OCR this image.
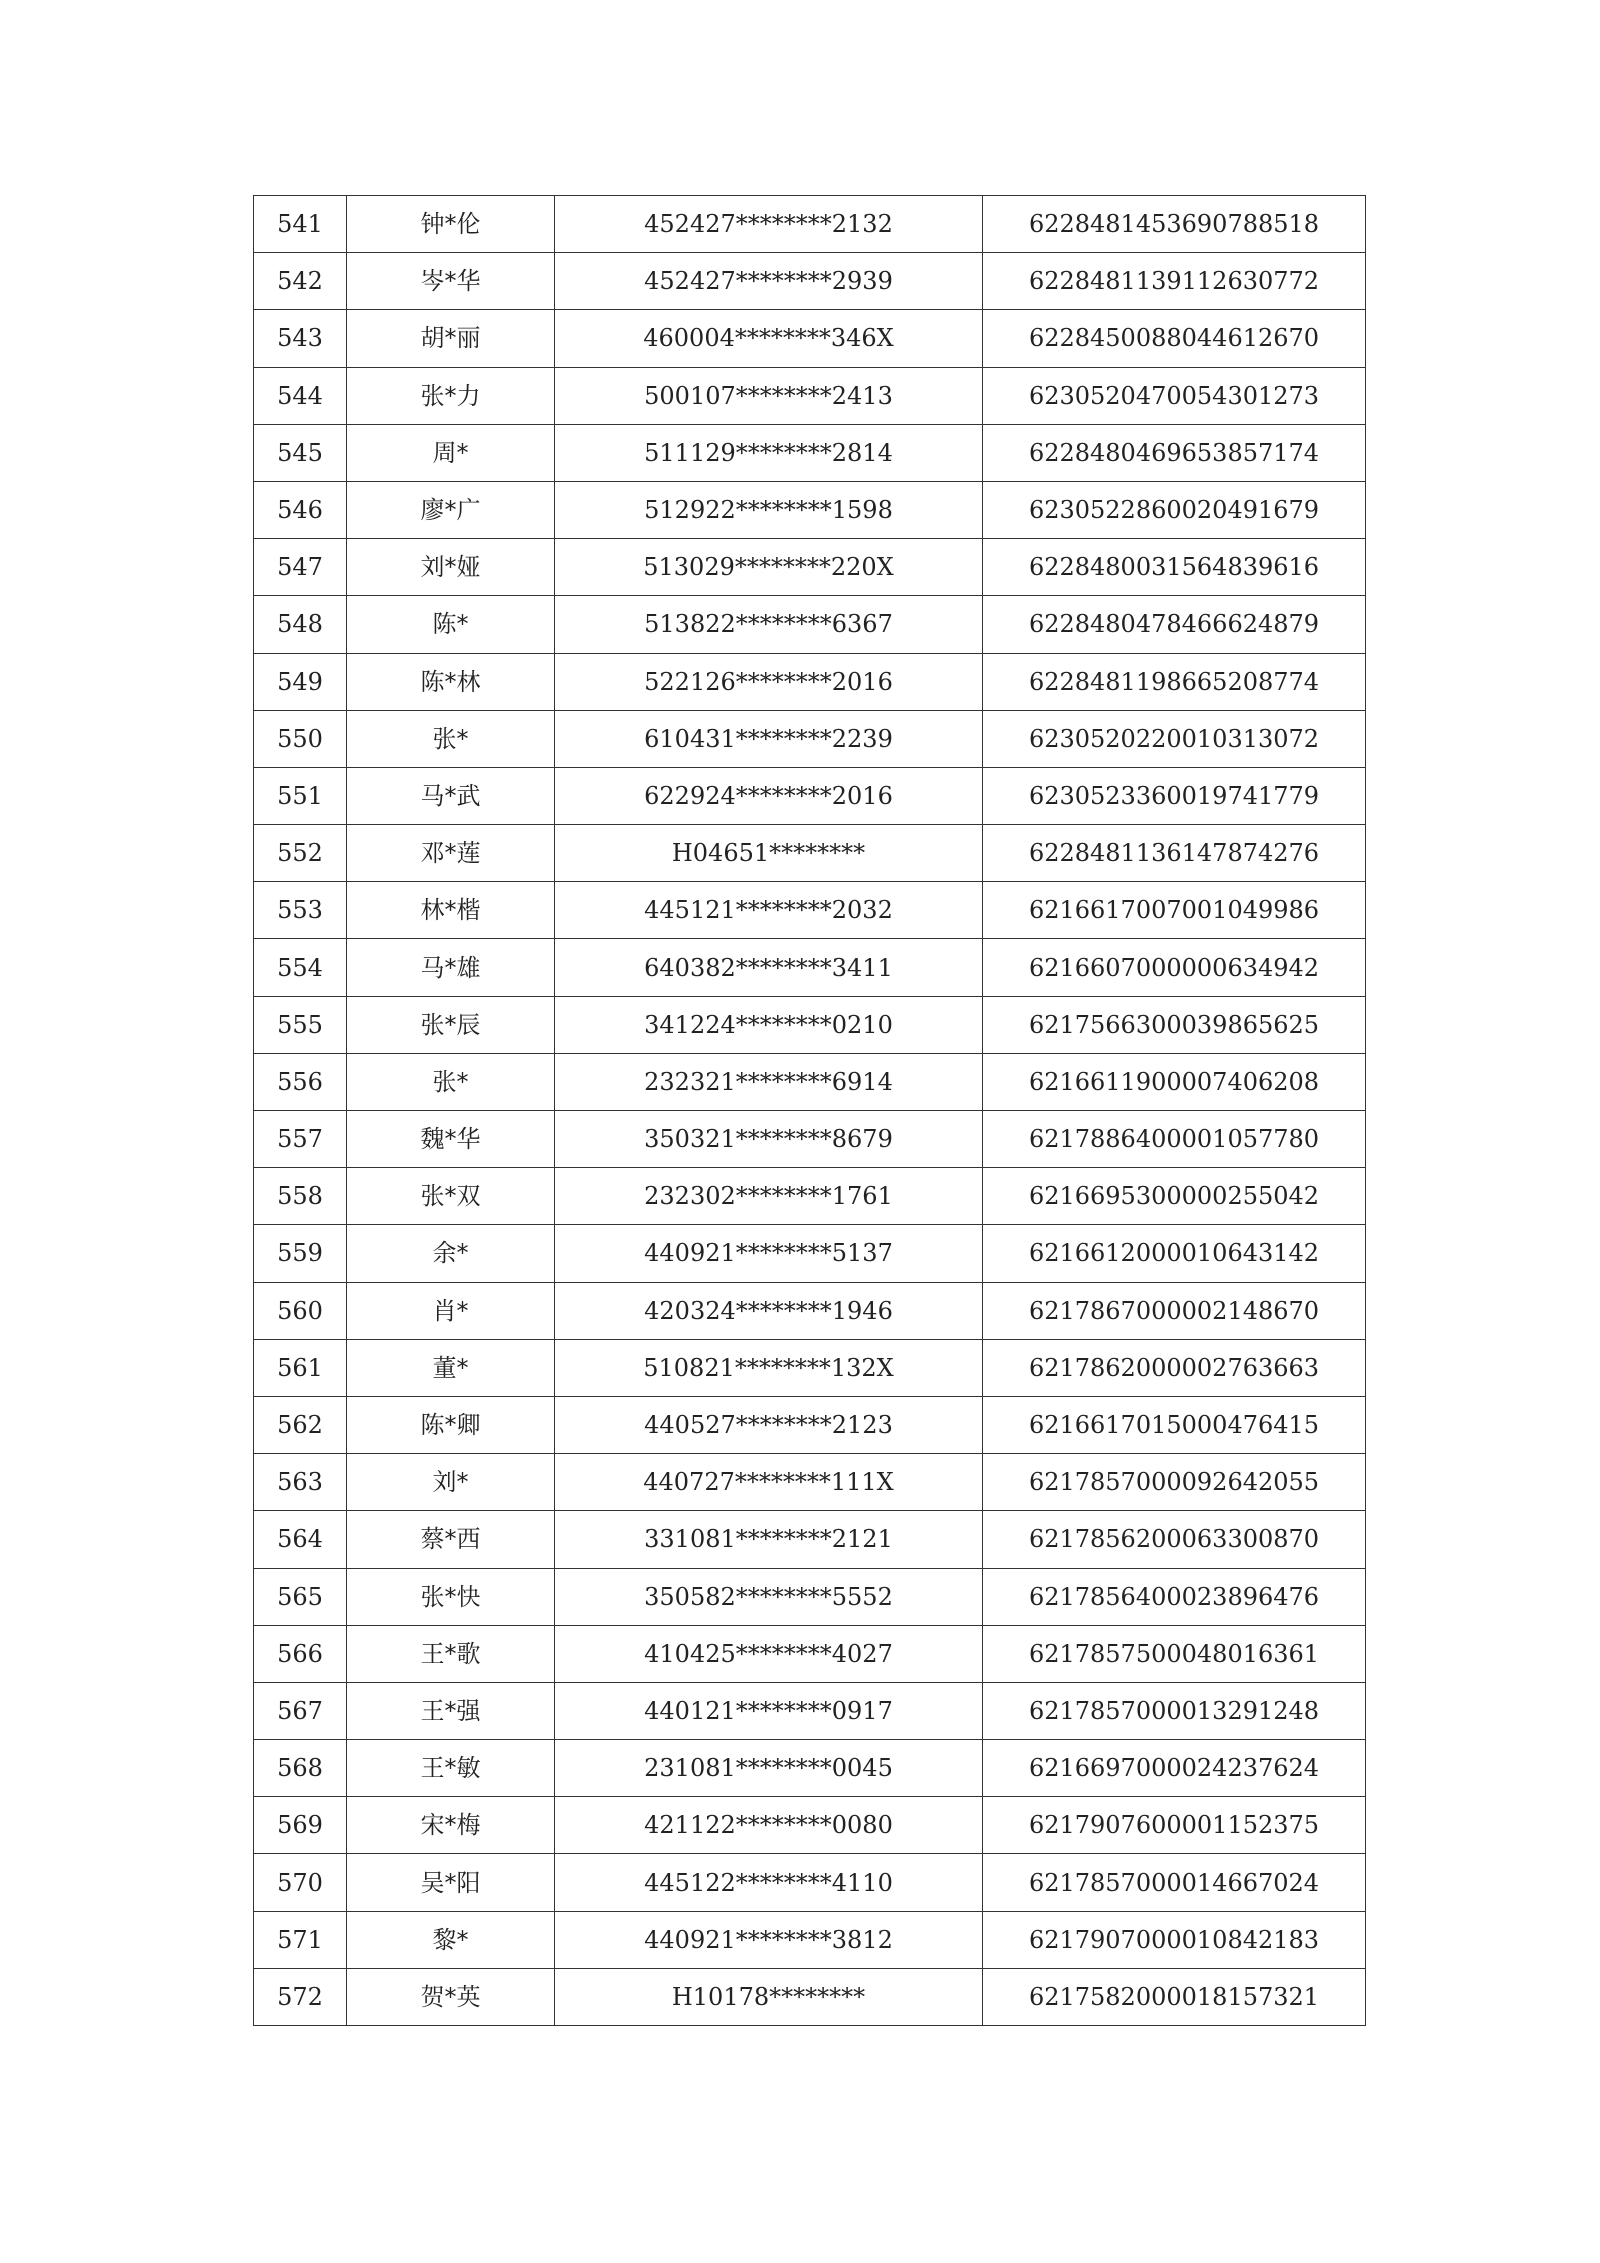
541	钟*伦	452427********2132	6228481453690788518
542	岑*华	452427********2939	6228481139112630772
543	胡*丽	460004********346X	6228450088044612670
544	张*力	500107********2413	6230520470054301273
545	周*	511129********2814	6228480469653857174
546	廖*广	512922********1598	6230522860020491679
547	刘*娅	513029********220X	6228480031564839616
548	陈*	513822********6367	6228480478466624879
549	陈*林	522126********2016	6228481198665208774
550	张*	610431********2239	6230520220010313072
551	马*武	622924********2016	6230523360019741779
552	邓*莲	H04651********	6228481136147874276
553	林*楷	445121********2032	6216617007001049986
554	马*雄	640382********3411	6216607000000634942
555	张*辰	341224********0210	6217566300039865625
556	张*	232321********6914	6216611900007406208
557	魏*华	350321********8679	6217886400001057780
558	张*双	232302********1761	6216695300000255042
559	余*	440921********5137	6216612000010643142
560	肖*	420324********1946	6217867000002148670
561	董*	510821********132X	6217862000002763663
562	陈*卿	440527********2123	6216617015000476415
563	刘*	440727********111X	6217857000092642055
564	蔡*西	331081********2121	6217856200063300870
565	张*快	350582********5552	6217856400023896476
566	王*歌	410425********4027	6217857500048016361
567	王*强	440121********0917	6217857000013291248
568	王*敏	231081********0045	6216697000024237624
569	宋*梅	421122********0080	6217907600001152375
570	吴*阳	445122********4110	6217857000014667024
571	黎*	440921********3812	6217907000010842183
572	贺*英	H10178********	6217582000018157321
